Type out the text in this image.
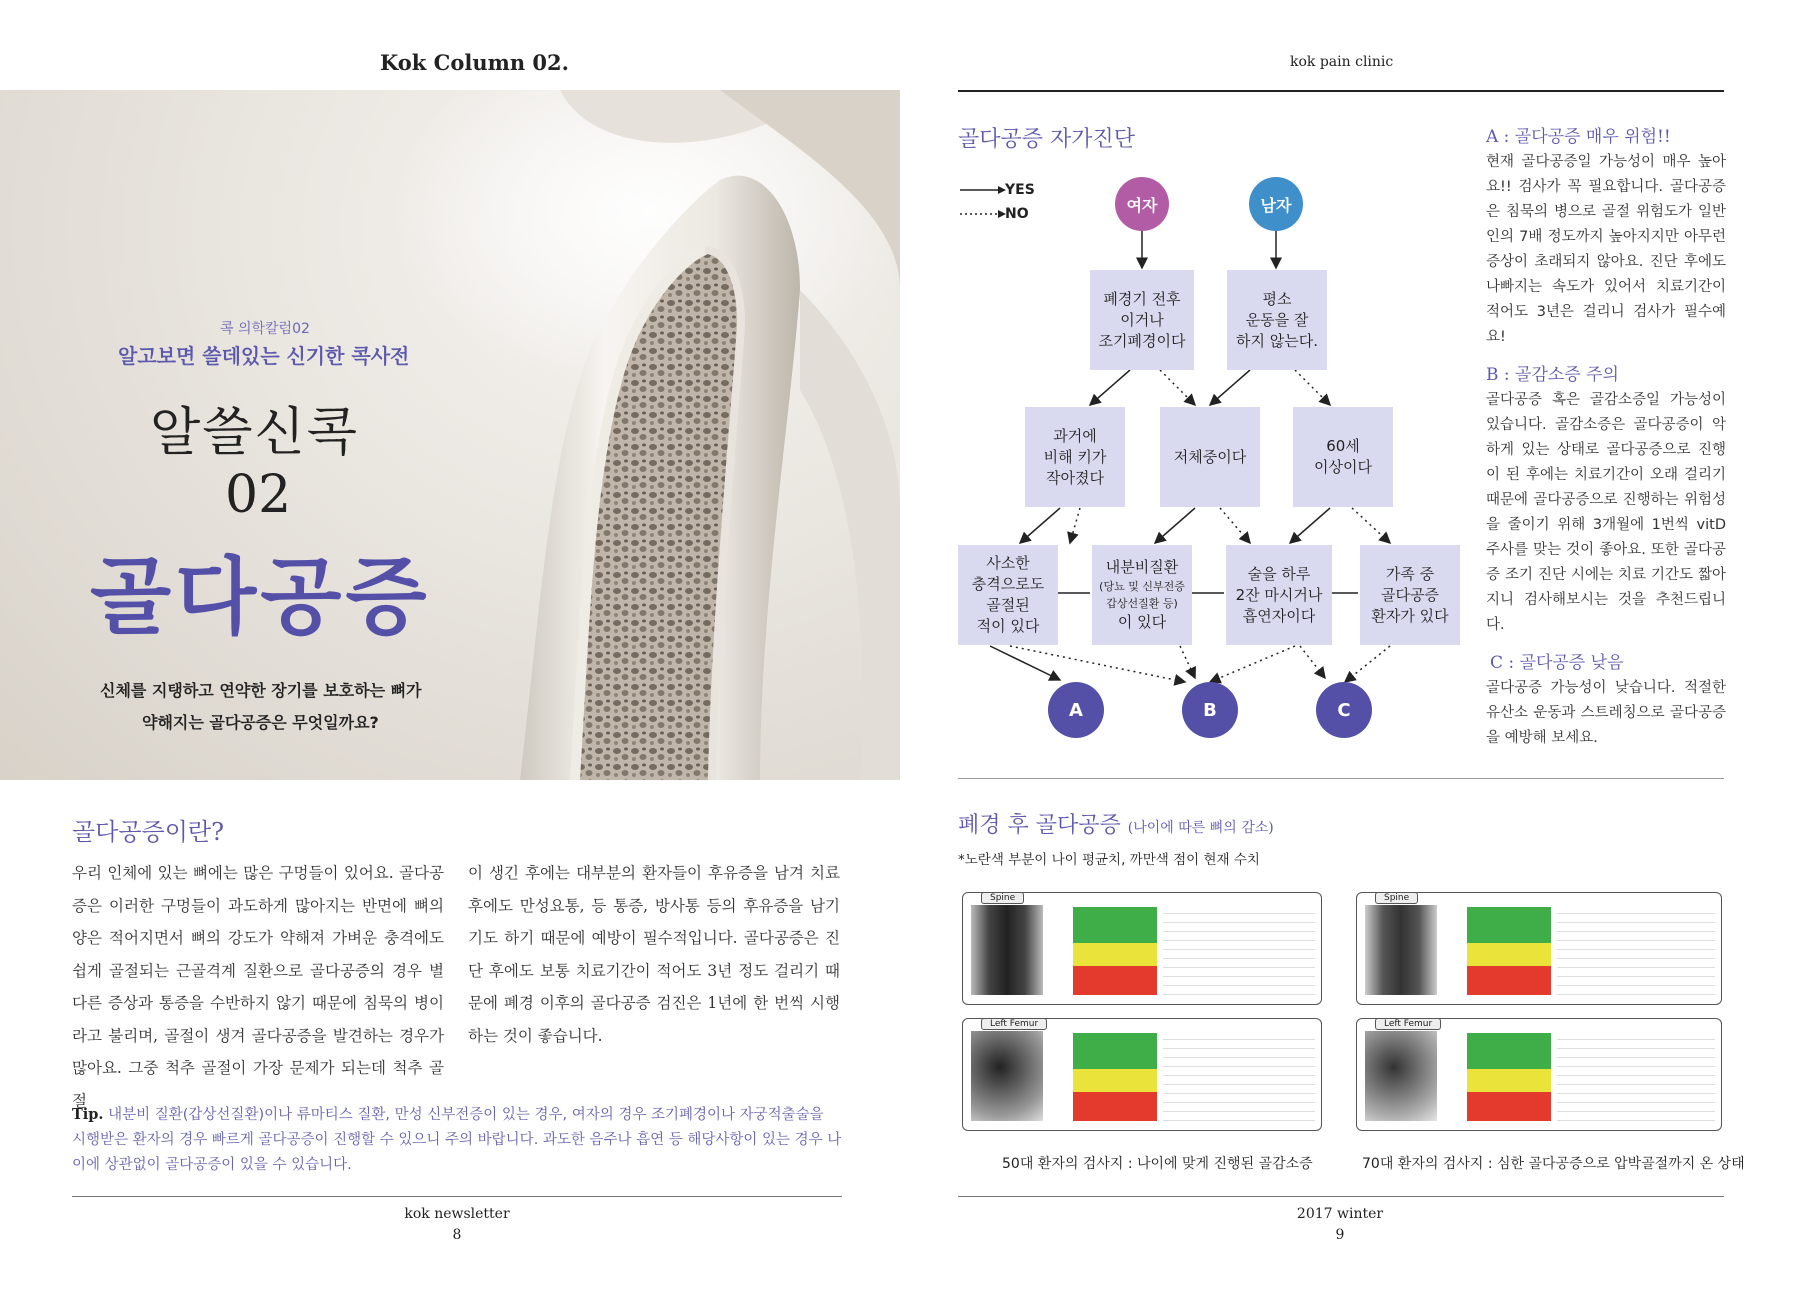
Kok Column 02.
콕 의학칼럼02
알고보면 쓸데있는 신기한 콕사전
알쓸신콕
02
골다공증
신체를 지탱하고 연약한 장기를 보호하는 뼈가
약해지는 골다공증은 무엇일까요?
골다공증이란?
우리 인체에 있는 뼈에는 많은 구멍들이 있어요. 골다공증은 이러한 구멍들이 과도하게 많아지는 반면에 뼈의 양은 적어지면서 뼈의 강도가 약해져 가벼운 충격에도 쉽게 골절되는 근골격계 질환으로 골다공증의 경우 별다른 증상과 통증을 수반하지 않기 때문에 침묵의 병이라고 불리며, 골절이 생겨 골다공증을 발견하는 경우가 많아요. 그중 척추 골절이 가장 문제가 되는데 척추 골절
이 생긴 후에는 대부분의 환자들이 후유증을 남겨 치료 후에도 만성요통, 등 통증, 방사통 등의 후유증을 남기기도 하기 때문에 예방이 필수적입니다. 골다공증은 진단 후에도 보통 치료기간이 적어도 3년 정도 걸리기 때문에 폐경 이후의 골다공증 검진은 1년에 한 번씩 시행하는 것이 좋습니다.
Tip. 내분비 질환(갑상선질환)이나 류마티스 질환, 만성 신부전증이 있는 경우, 여자의 경우 조기폐경이나 자궁적출술을 시행받은 환자의 경우 빠르게 골다공증이 진행할 수 있으니 주의 바랍니다. 과도한 음주나 흡연 등 해당사항이 있는 경우 나이에 상관없이 골다공증이 있을 수 있습니다.
kok newsletter
8
kok pain clinic
골다공증 자가진단
YES
NO	여자	남자
폐경기 전후
이거나
조기폐경이다
평소
운동을 잘
하지 않는다.
과거에
비해 키가
작아졌다
저체중이다
60세
이상이다
사소한
충격으로도
골절된
적이 있다
내분비질환
(당뇨 및 신부전증
갑상선질환 등)
이 있다
술을 하루
2잔 마시거나
흡연자이다
가족 중
골다공증
환자가 있다
A	B	C
A : 골다공증 매우 위험!!
현재 골다공증일 가능성이 매우 높아요!! 검사가 꼭 필요합니다. 골다공증은 침묵의 병으로 골절 위험도가 일반인의 7배 정도까지 높아지지만 아무런 증상이 초래되지 않아요. 진단 후에도 나빠지는 속도가 있어서 치료기간이 적어도 3년은 걸리니 검사가 필수예요!
B : 골감소증 주의
골다공증 혹은 골감소증일 가능성이 있습니다. 골감소증은 골다공증이 악하게 있는 상태로 골다공증으로 진행이 된 후에는 치료기간이 오래 걸리기 때문에 골다공증으로 진행하는 위험성을 줄이기 위해 3개월에 1번씩 vitD 주사를 맞는 것이 좋아요. 또한 골다공증 조기 진단 시에는 치료 기간도 짧아지니 검사해보시는 것을 추천드립니다.
C : 골다공증 낮음
골다공증 가능성이 낮습니다. 적절한 유산소 운동과 스트레칭으로 골다공증을 예방해 보세요.
폐경 후 골다공증 (나이에 따른 뼈의 감소)
*노란색 부분이 나이 평균치, 까만색 점이 현재 수치
Spine
Left Femur
Spine
Left Femur
50대 환자의 검사지 : 나이에 맞게 진행된 골감소증	70대 환자의 검사지 : 심한 골다공증으로 압박골절까지 온 상태
2017 winter
9
